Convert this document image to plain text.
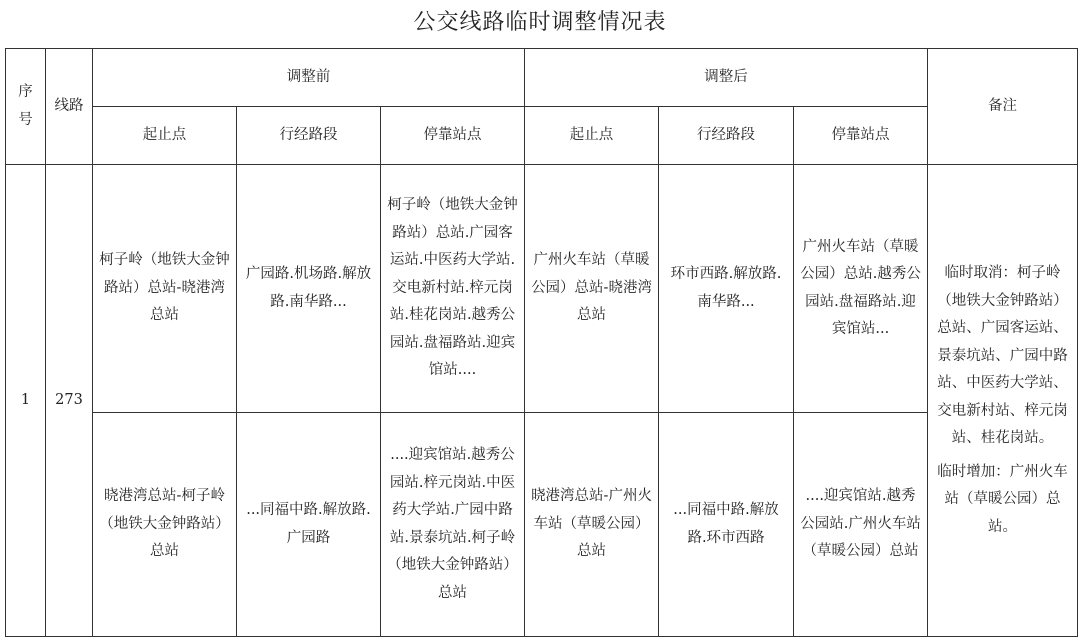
公交线路临时调整情况表
序号	线路	调整前			调整后			备注
		起止点	行经路段	停靠站点	起止点	行经路段	停靠站点	
1	273	柯子岭（地铁大金钟路站）总站-晓港湾总站	广园路.机场路.解放路.南华路...	柯子岭（地铁大金钟路站）总站.广园客运站.中医药大学站.交电新村站.梓元岗站.桂花岗站.越秀公园站.盘福路站.迎宾馆站....	广州火车站（草暖公园）总站-晓港湾总站	环市西路.解放路.南华路...	广州火车站（草暖公园）总站.越秀公园站.盘福路站.迎宾馆站...	临时取消：柯子岭（地铁大金钟路站）总站、广园客运站、景泰坑站、广园中路站、中医药大学站、交电新村站、梓元岗站、桂花岗站。
临时增加：广州火车站（草暖公园）总站。

		晓港湾总站-柯子岭（地铁大金钟路站）总站	...同福中路.解放路.广园路	....迎宾馆站.越秀公园站.梓元岗站.中医药大学站.广园中路站.景泰坑站.柯子岭（地铁大金钟路站）总站	晓港湾总站-广州火车站（草暖公园）总站	...同福中路.解放路.环市西路	....迎宾馆站.越秀公园站.广州火车站（草暖公园）总站	
